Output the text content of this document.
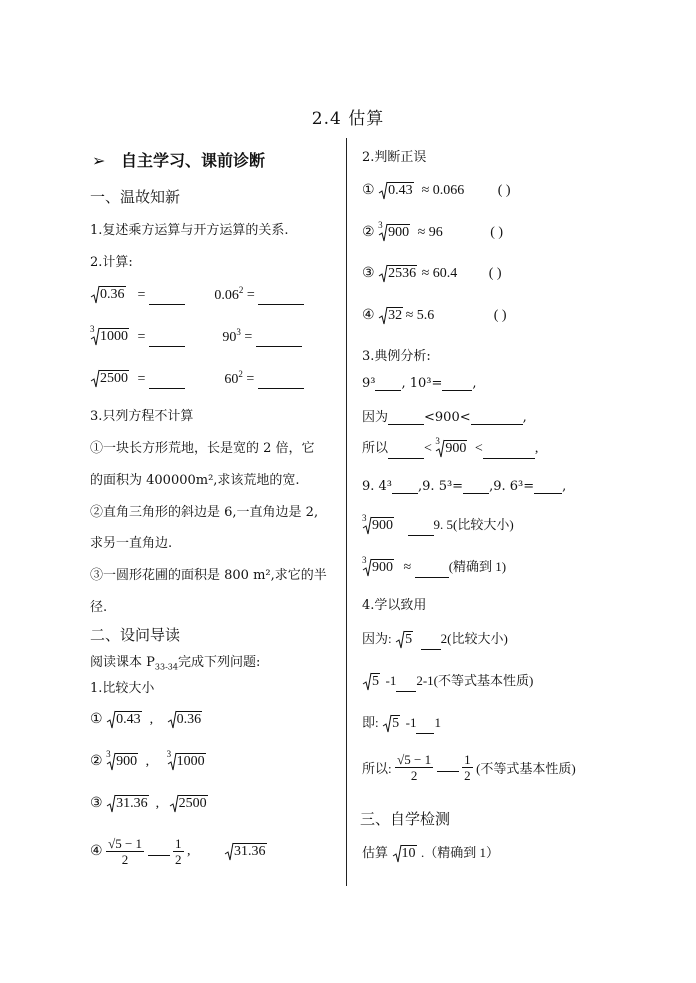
2.4 估算
➢ 自主学习、课前诊断
一、温故知新
1.复述乘方运算与开方运算的关系.
2.计算:
0.36 =	$0.06^2$ =
3 1000 =	$90^3$ =
2500 =	$60^2$ =
3.只列方程不计算
①一块长方形荒地，长是宽的 2 倍，它
的面积为 400000m²,求该荒地的宽.
②直角三角形的斜边是 6,一直角边是 2,
求另一直角边.
③一圆形花圃的面积是 800 m²,求它的半
径.
二、设问导读
阅读课本 $P_{33-34}$完成下列问题:
1.比较大小
① 0.43 , 0.36
②
3 900 ,
3 1000
③ 31.36 , 2500
④ $\frac{√5 - 1}{2}$
$\frac{1}{2}$ ,	31.36
2.判断正误
① 0.43 ≈ 0.066 ( )
②
3 900 ≈ 96	( )
③ 2536 ≈ 60.4 ( )
④ 32 ≈ 5.6	( )
3.典例分析:
9³ , 10³= ,
因为	<900<	,
所以	<
3 900 <	,
9. 4³ ,9. 5³= ,9. 6³= ,
3 900	9. 5(比较大小)
3 900 ≈	(精确到 1)
4.学以致用
因为: 5 2(比较大小)
5 -1 2-1(不等式基本性质)
即: 5 -1 1
所以: $\frac{√5 - 1}{2}$
$\frac{1}{2}$ (不等式基本性质)
三、自学检测
估算 10 .（精确到 1）
